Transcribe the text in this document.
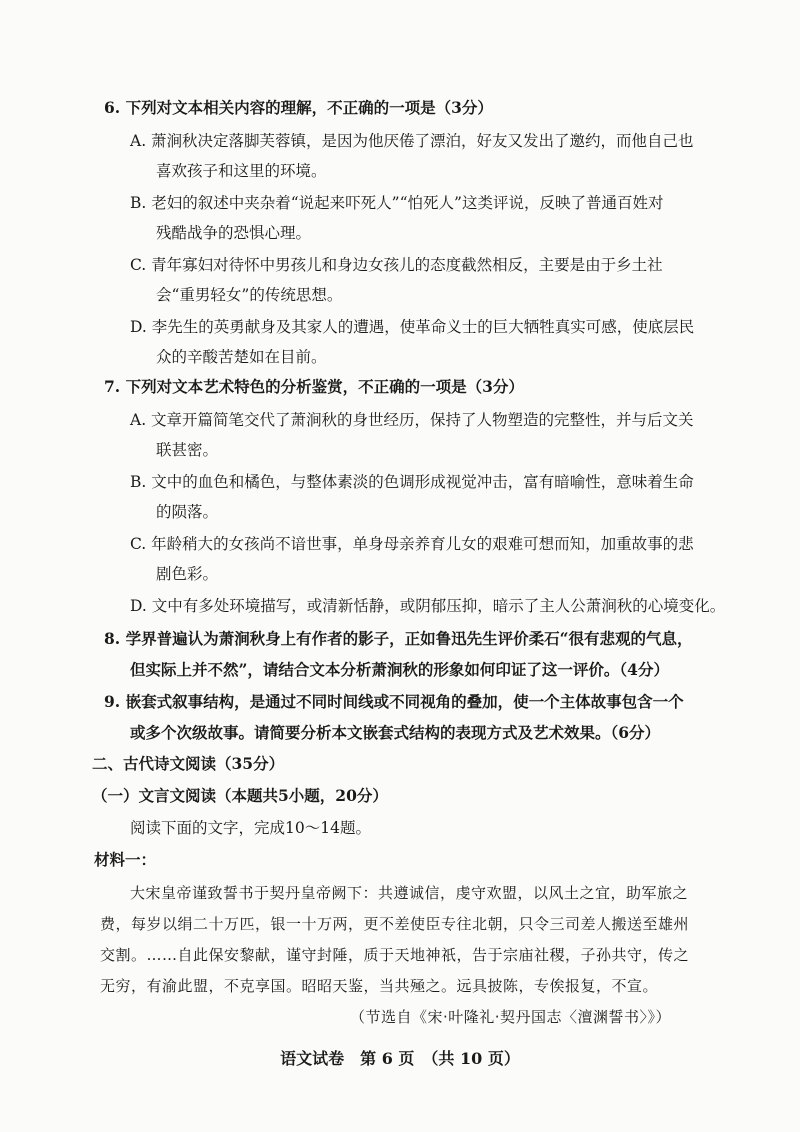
6. 下列对文本相关内容的理解，不正确的一项是（3分）
A. 萧涧秋决定落脚芙蓉镇，是因为他厌倦了漂泊，好友又发出了邀约，而他自己也
喜欢孩子和这里的环境。
B. 老妇的叙述中夹杂着“说起来吓死人”“怕死人”这类评说，反映了普通百姓对
残酷战争的恐惧心理。
C. 青年寡妇对待怀中男孩儿和身边女孩儿的态度截然相反，主要是由于乡土社
会“重男轻女”的传统思想。
D. 李先生的英勇献身及其家人的遭遇，使革命义士的巨大牺牲真实可感，使底层民
众的辛酸苦楚如在目前。
7. 下列对文本艺术特色的分析鉴赏，不正确的一项是（3分）
A. 文章开篇简笔交代了萧涧秋的身世经历，保持了人物塑造的完整性，并与后文关
联甚密。
B. 文中的血色和橘色，与整体素淡的色调形成视觉冲击，富有暗喻性，意味着生命
的陨落。
C. 年龄稍大的女孩尚不谙世事，单身母亲养育儿女的艰难可想而知，加重故事的悲
剧色彩。
D. 文中有多处环境描写，或清新恬静，或阴郁压抑，暗示了主人公萧涧秋的心境变化。
8. 学界普遍认为萧涧秋身上有作者的影子，正如鲁迅先生评价柔石“很有悲观的气息，
但实际上并不然”，请结合文本分析萧涧秋的形象如何印证了这一评价。（4分）
9. 嵌套式叙事结构，是通过不同时间线或不同视角的叠加，使一个主体故事包含一个
或多个次级故事。请简要分析本文嵌套式结构的表现方式及艺术效果。（6分）
二、古代诗文阅读（35分）
（一）文言文阅读（本题共5小题，20分）
阅读下面的文字，完成10～14题。
材料一：
大宋皇帝谨致誓书于契丹皇帝阙下：共遵诚信，虔守欢盟，以风土之宜，助军旅之
费，每岁以绢二十万匹，银一十万两，更不差使臣专往北朝，只令三司差人搬送至雄州
交割。……自此保安黎献，谨守封陲，质于天地神祇，告于宗庙社稷，子孙共守，传之
无穷，有渝此盟，不克享国。昭昭天鉴，当共殛之。远具披陈，专俟报复，不宣。
（节选自《宋·叶隆礼·契丹国志〈澶渊誓书〉》）
语文试卷　第 6 页　（共 10 页）
